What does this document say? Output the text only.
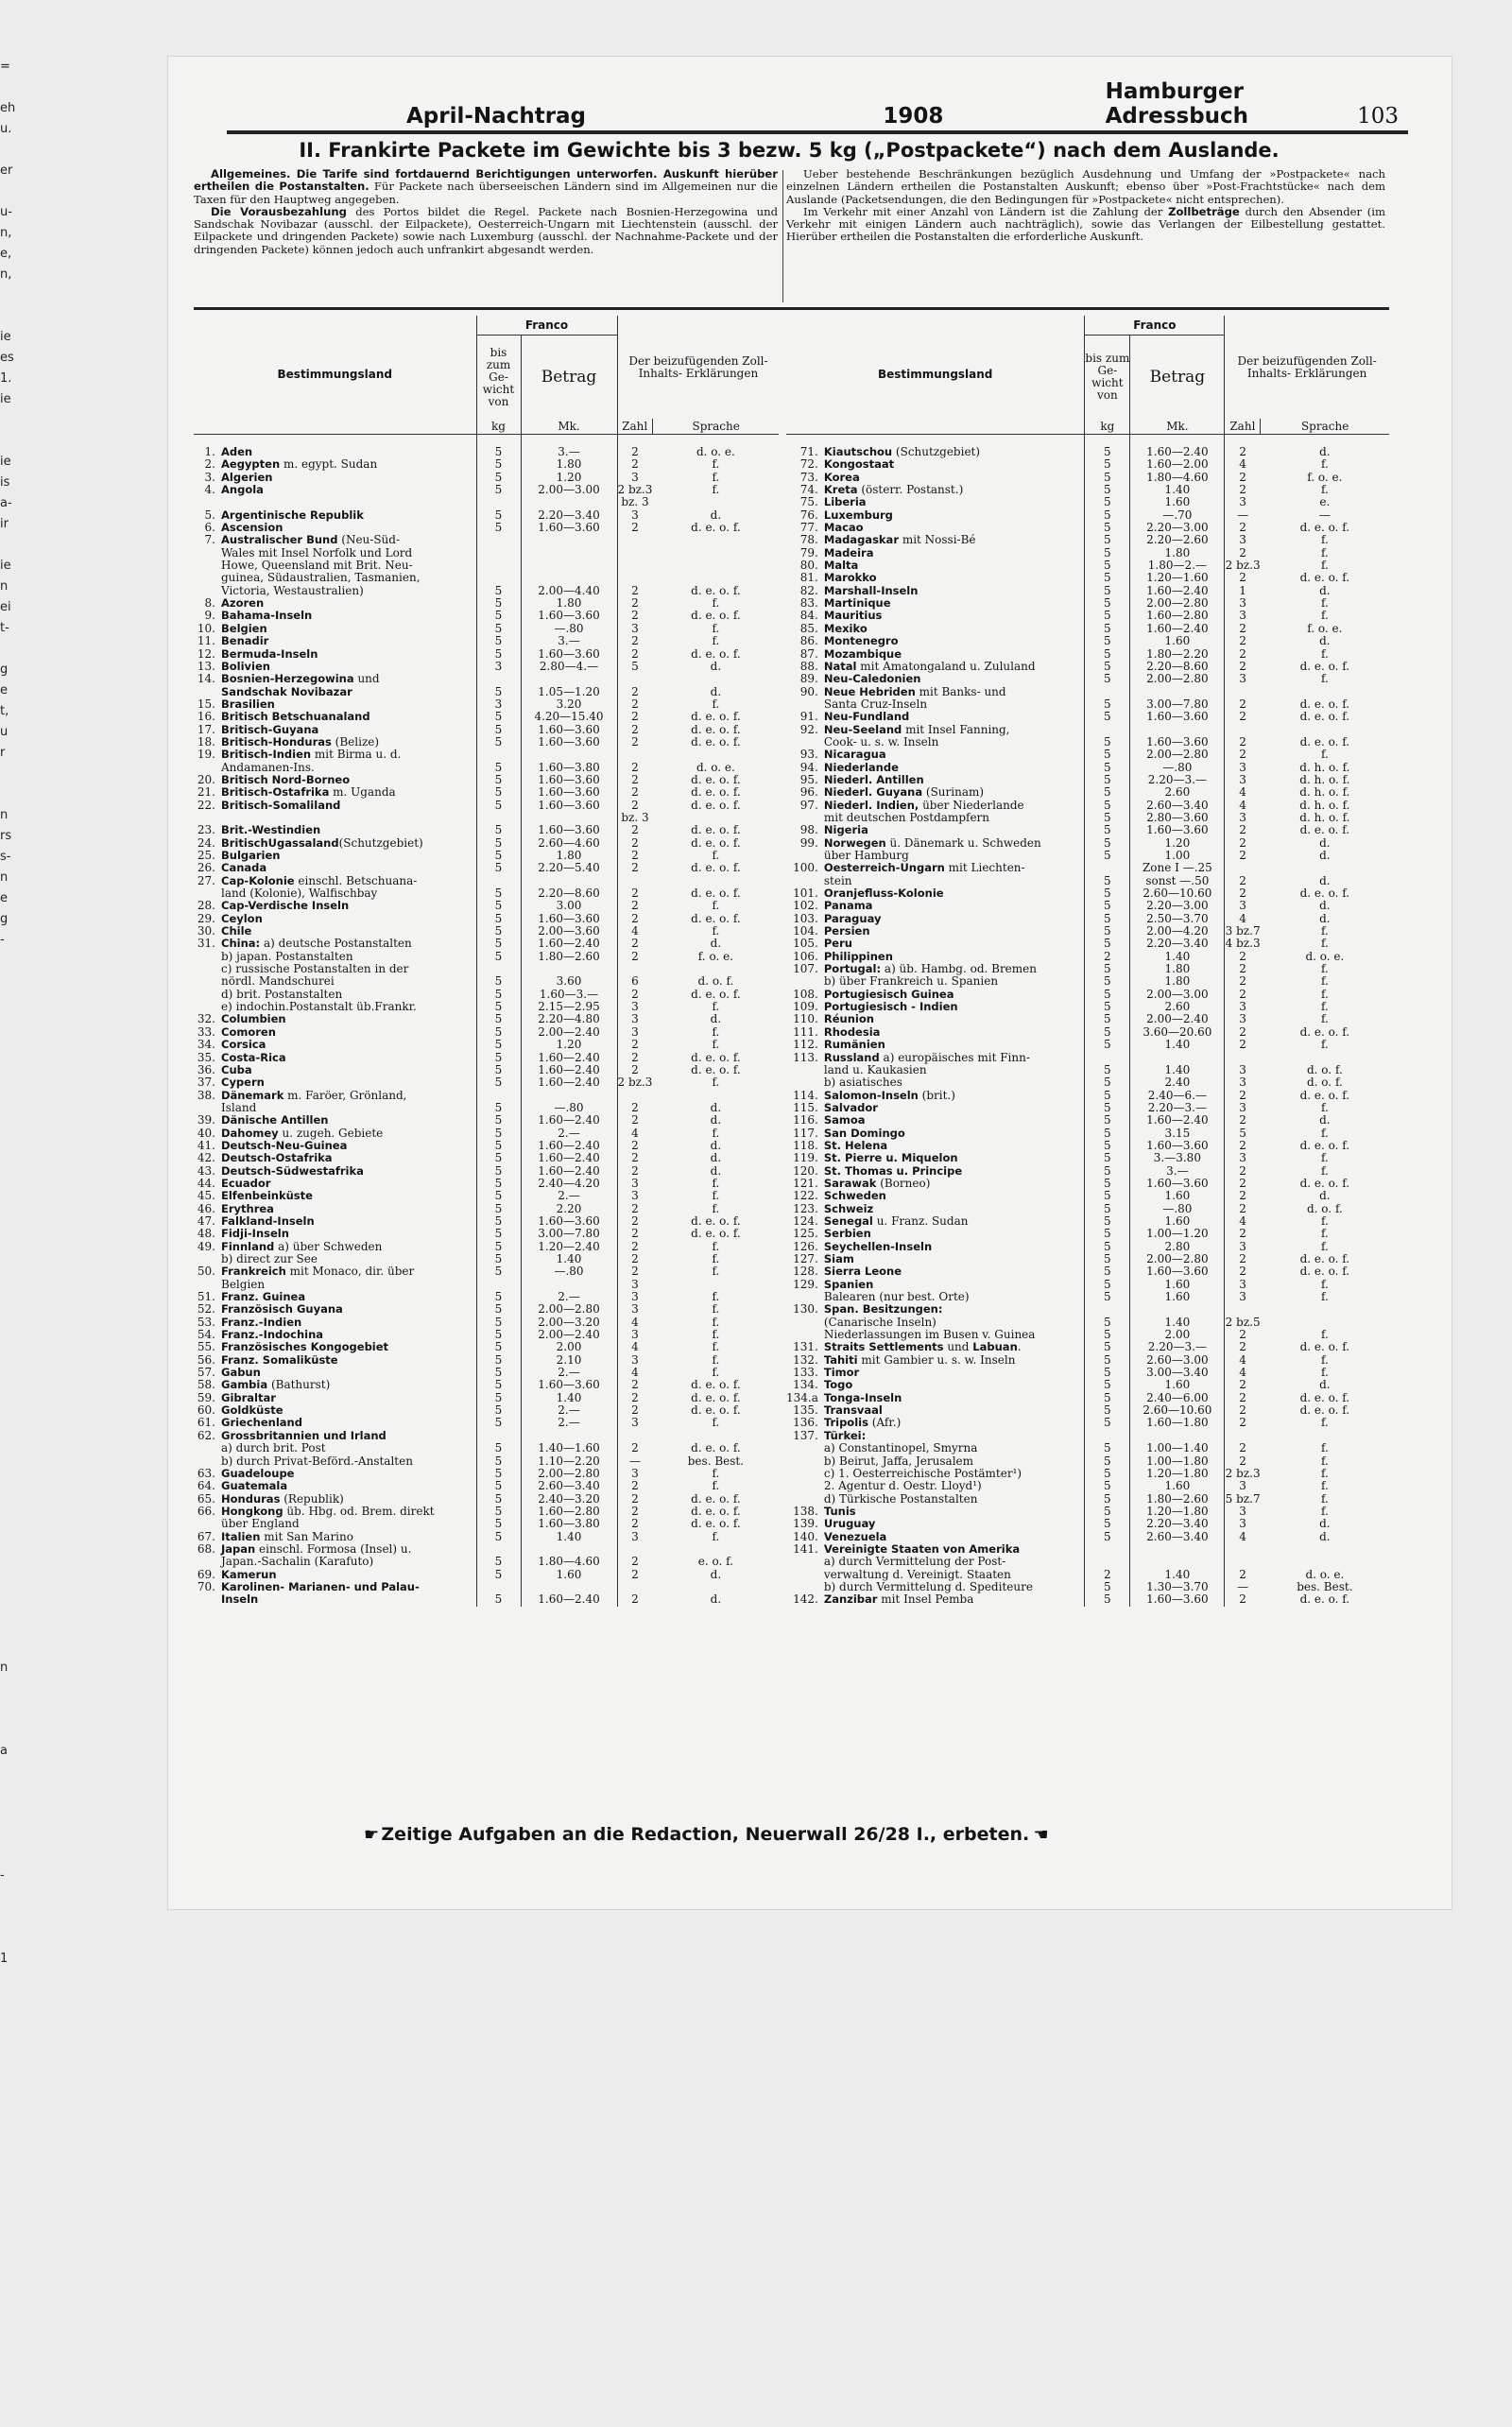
=
eh
u.
er
u-
n,
e,
n,
ie
es
1.
ie
ie
is
a-
ir
ie
n
ei
t-
g
e
t,
u
r
n
rs
s-
n
e
g
-
n
a
-
1
April-Nachtrag	1908
Hamburger Adressbuch	103
II. Frankirte Packete im Gewichte bis 3 bezw. 5 kg („Postpackete“) nach dem Auslande.

Allgemeines. Die Tarife sind fortdauernd Berichtigungen unterworfen. Auskunft hierüber ertheilen die Postanstalten. Für Packete nach überseeischen Ländern sind im Allgemeinen nur die Taxen für den Hauptweg angegeben.

Die Vorausbezahlung des Portos bildet die Regel. Packete nach Bosnien-Herzegowina und Sandschak Novibazar (ausschl. der Eilpackete), Oesterreich-Ungarn mit Liechtenstein (ausschl. der Eilpackete und dringenden Packete) sowie nach Luxemburg (ausschl. der Nachnahme-Packete und der dringenden Packete) können jedoch auch unfrankirt abgesandt werden.

Ueber bestehende Beschränkungen bezüglich Ausdehnung und Umfang der »Postpackete« nach einzelnen Ländern ertheilen die Postanstalten Auskunft; ebenso über »Post-Frachtstücke« nach dem Auslande (Packetsendungen, die den Bedingungen für »Postpackete« nicht entsprechen).

Im Verkehr mit einer Anzahl von Ländern ist die Zahlung der Zollbeträge durch den Absender (im Verkehr mit einigen Ländern auch nachträglich), sowie das Verlangen der Eilbestellung gestattet. Hierüber ertheilen die Postanstalten die erforderliche Auskunft.

Bestimmungsland		Franco		Der beizufügenden Zoll-Inhalts- Erklärungen	
		bis zum Ge- wicht von	Betrag		
		kg	Mk.	Zahl	Sprache
1.	Aden	5	3.—	2	d. o. e.
2.	Aegypten m. egypt. Sudan	5	1.80	2	f.
3.	Algerien	5	1.20	3	f.
4.	Angola	5	2.00—3.00	2 bz.3	f.
				bz. 3	
5.	Argentinische Republik	5	2.20—3.40	3	d.
6.	Ascension	5	1.60—3.60	2	d. e. o. f.
7.	Australischer Bund (Neu-Süd-				
	Wales mit Insel Norfolk und Lord				
	Howe, Queensland mit Brit. Neu-				
	guinea, Südaustralien, Tasmanien,				
	Victoria, Westaustralien)	5	2.00—4.40	2	d. e. o. f.
8.	Azoren	5	1.80	2	f.
9.	Bahama-Inseln	5	1.60—3.60	2	d. e. o. f.
10.	Belgien	5	—.80	3	f.
11.	Benadir	5	3.—	2	f.
12.	Bermuda-Inseln	5	1.60—3.60	2	d. e. o. f.
13.	Bolivien	3	2.80—4.—	5	d.
14.	Bosnien-Herzegowina und				
	Sandschak Novibazar	5	1.05—1.20	2	d.
15.	Brasilien	3	3.20	2	f.
16.	Britisch Betschuanaland	5	4.20—15.40	2	d. e. o. f.
17.	Britisch-Guyana	5	1.60—3.60	2	d. e. o. f.
18.	Britisch-Honduras (Belize)	5	1.60—3.60	2	d. e. o. f.
19.	Britisch-Indien mit Birma u. d.				
	Andamanen-Ins.	5	1.60—3.80	2	d. o. e.
20.	Britisch Nord-Borneo	5	1.60—3.60	2	d. e. o. f.
21.	Britisch-Ostafrika m. Uganda	5	1.60—3.60	2	d. e. o. f.
22.	Britisch-Somaliland	5	1.60—3.60	2	d. e. o. f.
				bz. 3	
23.	Brit.-Westindien	5	1.60—3.60	2	d. e. o. f.
24.	BritischUgassaland(Schutzgebiet)	5	2.60—4.60	2	d. e. o. f.
25.	Bulgarien	5	1.80	2	f.
26.	Canada	5	2.20—5.40	2	d. e. o. f.
27.	Cap-Kolonie einschl. Betschuana-				
	land (Kolonie), Walfischbay	5	2.20—8.60	2	d. e. o. f.
28.	Cap-Verdische Inseln	5	3.00	2	f.
29.	Ceylon	5	1.60—3.60	2	d. e. o. f.
30.	Chile	5	2.00—3.60	4	f.
31.	China: a) deutsche Postanstalten	5	1.60—2.40	2	d.
	b) japan. Postanstalten	5	1.80—2.60	2	f. o. e.
	c) russische Postanstalten in der				
	nördl. Mandschurei	5	3.60	6	d. o. f.
	d) brit. Postanstalten	5	1.60—3.—	2	d. e. o. f.
	e) indochin.Postanstalt üb.Frankr.	5	2.15—2.95	3	f.
32.	Columbien	5	2.20—4.80	3	d.
33.	Comoren	5	2.00—2.40	3	f.
34.	Corsica	5	1.20	2	f.
35.	Costa-Rica	5	1.60—2.40	2	d. e. o. f.
36.	Cuba	5	1.60—2.40	2	d. e. o. f.
37.	Cypern	5	1.60—2.40	2 bz.3	f.
38.	Dänemark m. Faröer, Grönland,				
	Island	5	—.80	2	d.
39.	Dänische Antillen	5	1.60—2.40	2	d.
40.	Dahomey u. zugeh. Gebiete	5	2.—	4	f.
41.	Deutsch-Neu-Guinea	5	1.60—2.40	2	d.
42.	Deutsch-Ostafrika	5	1.60—2.40	2	d.
43.	Deutsch-Südwestafrika	5	1.60—2.40	2	d.
44.	Ecuador	5	2.40—4.20	3	f.
45.	Elfenbeinküste	5	2.—	3	f.
46.	Erythrea	5	2.20	2	f.
47.	Falkland-Inseln	5	1.60—3.60	2	d. e. o. f.
48.	Fidji-Inseln	5	3.00—7.80	2	d. e. o. f.
49.	Finnland a) über Schweden	5	1.20—2.40	2	f.
	b) direct zur See	5	1.40	2	f.
50.	Frankreich mit Monaco, dir. über	5	—.80	2	f.
	Belgien			3	
51.	Franz. Guinea	5	2.—	3	f.
52.	Französisch Guyana	5	2.00—2.80	3	f.
53.	Franz.-Indien	5	2.00—3.20	4	f.
54.	Franz.-Indochina	5	2.00—2.40	3	f.
55.	Französisches Kongogebiet	5	2.00	4	f.
56.	Franz. Somaliküste	5	2.10	3	f.
57.	Gabun	5	2.—	4	f.
58.	Gambia (Bathurst)	5	1.60—3.60	2	d. e. o. f.
59.	Gibraltar	5	1.40	2	d. e. o. f.
60.	Goldküste	5	2.—	2	d. e. o. f.
61.	Griechenland	5	2.—	3	f.
62.	Grossbritannien und Irland				
	a) durch brit. Post	5	1.40—1.60	2	d. e. o. f.
	b) durch Privat-Beförd.-Anstalten	5	1.10—2.20	—	bes. Best.
63.	Guadeloupe	5	2.00—2.80	3	f.
64.	Guatemala	5	2.60—3.40	2	f.
65.	Honduras (Republik)	5	2.40—3.20	2	d. e. o. f.
66.	Hongkong üb. Hbg. od. Brem. direkt	5	1.60—2.80	2	d. e. o. f.
	über England	5	1.60—3.80	2	d. e. o. f.
67.	Italien mit San Marino	5	1.40	3	f.
68.	Japan einschl. Formosa (Insel) u.				
	Japan.-Sachalin (Karafuto)	5	1.80—4.60	2	e. o. f.
69.	Kamerun	5	1.60	2	d.
70.	Karolinen- Marianen- und Palau-				
	Inseln	5	1.60—2.40	2	d.
Bestimmungsland		Franco		Der beizufügenden Zoll-Inhalts- Erklärungen	
		bis zum Ge- wicht von	Betrag		
		kg	Mk.	Zahl	Sprache
71.	Kiautschou (Schutzgebiet)	5	1.60—2.40	2	d.
72.	Kongostaat	5	1.60—2.00	4	f.
73.	Korea	5	1.80—4.60	2	f. o. e.
74.	Kreta (österr. Postanst.)	5	1.40	2	f.
75.	Liberia	5	1.60	3	e.
76.	Luxemburg	5	—.70	—	—
77.	Macao	5	2.20—3.00	2	d. e. o. f.
78.	Madagaskar mit Nossi-Bé	5	2.20—2.60	3	f.
79.	Madeira	5	1.80	2	f.
80.	Malta	5	1.80—2.—	2 bz.3	f.
81.	Marokko	5	1.20—1.60	2	d. e. o. f.
82.	Marshall-Inseln	5	1.60—2.40	1	d.
83.	Martinique	5	2.00—2.80	3	f.
84.	Mauritius	5	1.60—2.80	3	f.
85.	Mexiko	5	1.60—2.40	2	f. o. e.
86.	Montenegro	5	1.60	2	d.
87.	Mozambique	5	1.80—2.20	2	f.
88.	Natal mit Amatongaland u. Zululand	5	2.20—8.60	2	d. e. o. f.
89.	Neu-Caledonien	5	2.00—2.80	3	f.
90.	Neue Hebriden mit Banks- und				
	Santa Cruz-Inseln	5	3.00—7.80	2	d. e. o. f.
91.	Neu-Fundland	5	1.60—3.60	2	d. e. o. f.
92.	Neu-Seeland mit Insel Fanning,				
	Cook- u. s. w. Inseln	5	1.60—3.60	2	d. e. o. f.
93.	Nicaragua	5	2.00—2.80	2	f.
94.	Niederlande	5	—.80	3	d. h. o. f.
95.	Niederl. Antillen	5	2.20—3.—	3	d. h. o. f.
96.	Niederl. Guyana (Surinam)	5	2.60	4	d. h. o. f.
97.	Niederl. Indien, über Niederlande	5	2.60—3.40	4	d. h. o. f.
	mit deutschen Postdampfern	5	2.80—3.60	3	d. h. o. f.
98.	Nigeria	5	1.60—3.60	2	d. e. o. f.
99.	Norwegen ü. Dänemark u. Schweden	5	1.20	2	d.
	über Hamburg	5	1.00	2	d.
100.	Oesterreich-Ungarn mit Liechten-		Zone I —.25		
	stein	5	sonst —.50	2	d.
101.	Oranjefluss-Kolonie	5	2.60—10.60	2	d. e. o. f.
102.	Panama	5	2.20—3.00	3	d.
103.	Paraguay	5	2.50—3.70	4	d.
104.	Persien	5	2.00—4.20	3 bz.7	f.
105.	Peru	5	2.20—3.40	4 bz.3	f.
106.	Philippinen	2	1.40	2	d. o. e.
107.	Portugal: a) üb. Hambg. od. Bremen	5	1.80	2	f.
	b) über Frankreich u. Spanien	5	1.80	2	f.
108.	Portugiesisch Guinea	5	2.00—3.00	2	f.
109.	Portugiesisch - Indien	5	2.60	3	f.
110.	Réunion	5	2.00—2.40	3	f.
111.	Rhodesia	5	3.60—20.60	2	d. e. o. f.
112.	Rumänien	5	1.40	2	f.
113.	Russland a) europäisches mit Finn-				
	land u. Kaukasien	5	1.40	3	d. o. f.
	b) asiatisches	5	2.40	3	d. o. f.
114.	Salomon-Inseln (brit.)	5	2.40—6.—	2	d. e. o. f.
115.	Salvador	5	2.20—3.—	3	f.
116.	Samoa	5	1.60—2.40	2	d.
117.	San Domingo	5	3.15	5	f.
118.	St. Helena	5	1.60—3.60	2	d. e. o. f.
119.	St. Pierre u. Miquelon	5	3.—3.80	3	f.
120.	St. Thomas u. Principe	5	3.—	2	f.
121.	Sarawak (Borneo)	5	1.60—3.60	2	d. e. o. f.
122.	Schweden	5	1.60	2	d.
123.	Schweiz	5	—.80	2	d. o. f.
124.	Senegal u. Franz. Sudan	5	1.60	4	f.
125.	Serbien	5	1.00—1.20	2	f.
126.	Seychellen-Inseln	5	2.80	3	f.
127.	Siam	5	2.00—2.80	2	d. e. o. f.
128.	Sierra Leone	5	1.60—3.60	2	d. e. o. f.
129.	Spanien	5	1.60	3	f.
	Balearen (nur best. Orte)	5	1.60	3	f.
130.	Span. Besitzungen:				
	(Canarische Inseln)	5	1.40	2 bz.5	
	Niederlassungen im Busen v. Guinea	5	2.00	2	f.
131.	Straits Settlements und Labuan.	5	2.20—3.—	2	d. e. o. f.
132.	Tahiti mit Gambier u. s. w. Inseln	5	2.60—3.00	4	f.
133.	Timor	5	3.00—3.40	4	f.
134.	Togo	5	1.60	2	d.
134.a	Tonga-Inseln	5	2.40—6.00	2	d. e. o. f.
135.	Transvaal	5	2.60—10.60	2	d. e. o. f.
136.	Tripolis (Afr.)	5	1.60—1.80	2	f.
137.	Türkei:				
	a) Constantinopel, Smyrna	5	1.00—1.40	2	f.
	b) Beirut, Jaffa, Jerusalem	5	1.00—1.80	2	f.
	c) 1. Oesterreichische Postämter¹)	5	1.20—1.80	2 bz.3	f.
	2. Agentur d. Oestr. Lloyd¹)	5	1.60	3	f.
	d) Türkische Postanstalten	5	1.80—2.60	5 bz.7	f.
138.	Tunis	5	1.20—1.80	3	f.
139.	Uruguay	5	2.20—3.40	3	d.
140.	Venezuela	5	2.60—3.40	4	d.
141.	Vereinigte Staaten von Amerika				
	a) durch Vermittelung der Post-				
	verwaltung d. Vereinigt. Staaten	2	1.40	2	d. o. e.
	b) durch Vermittelung d. Spediteure	5	1.30—3.70	—	bes. Best.
142.	Zanzibar mit Insel Pemba	5	1.60—3.60	2	d. e. o. f.
☛ Zeitige Aufgaben an die Redaction, Neuerwall 26/28 I., erbeten. ☚
